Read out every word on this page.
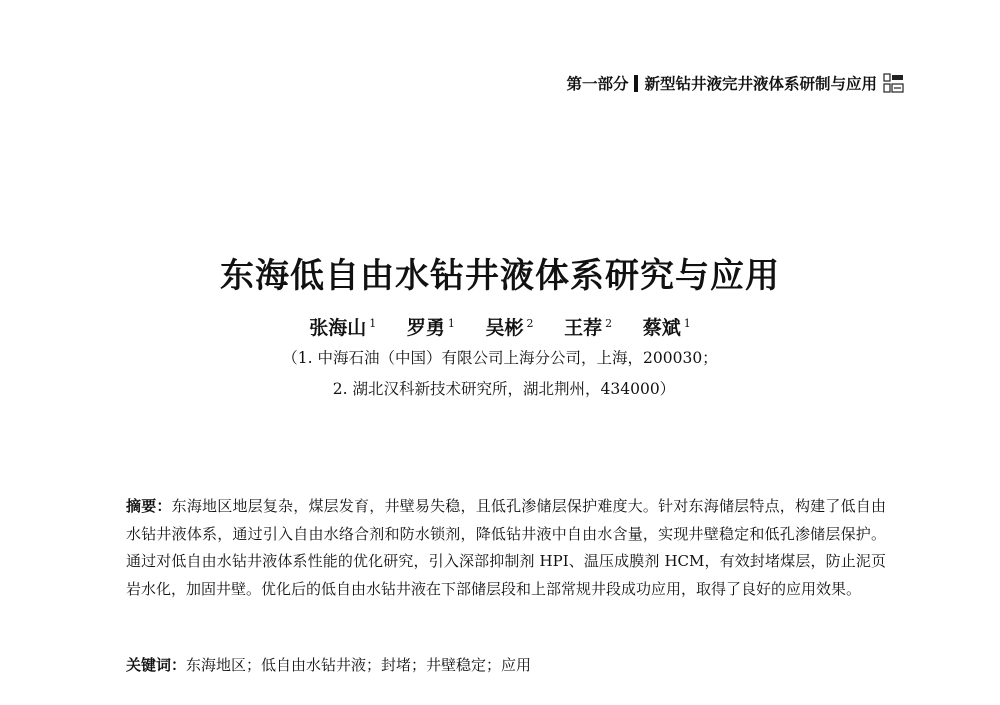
第一部分 新型钻井液完井液体系研制与应用
东海低自由水钻井液体系研究与应用
张海山 $^1$ 罗勇 $^1$ 吴彬 $^2$ 王荐 $^2$ 蔡斌 $^1$
（1. 中海石油（中国）有限公司上海分公司，上海，200030；
2. 湖北汉科新技术研究所，湖北荆州，434000）
摘要：东海地区地层复杂，煤层发育，井壁易失稳，且低孔渗储层保护难度大。针对东海储层特点，构建了低自由水钻井液体系，通过引入自由水络合剂和防水锁剂，降低钻井液中自由水含量，实现井壁稳定和低孔渗储层保护。通过对低自由水钻井液体系性能的优化研究，引入深部抑制剂 HPI、温压成膜剂 HCM，有效封堵煤层，防止泥页岩水化，加固井壁。优化后的低自由水钻井液在下部储层段和上部常规井段成功应用，取得了良好的应用效果。
关键词：东海地区；低自由水钻井液；封堵；井壁稳定；应用
